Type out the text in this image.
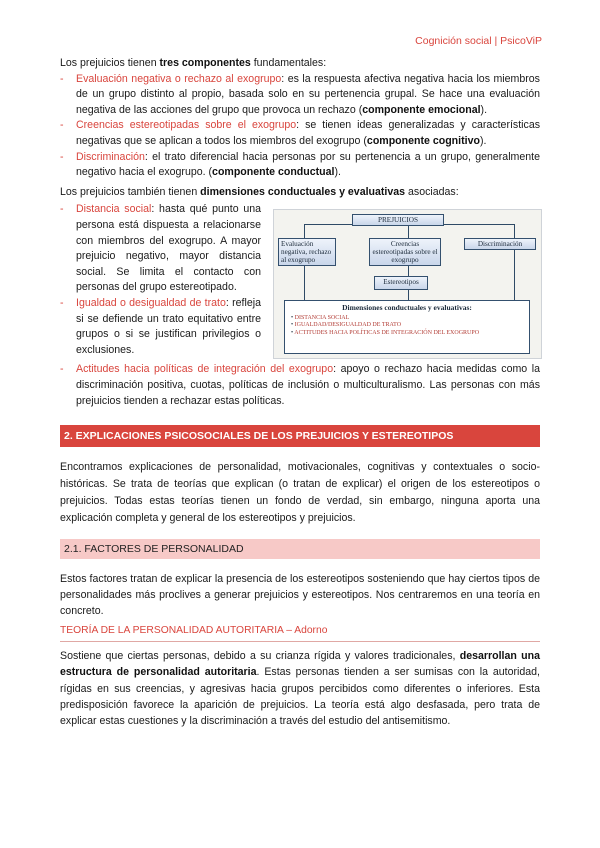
Cognición social | PsicoViP

Los prejuicios tienen tres componentes fundamentales:

- Evaluación negativa o rechazo al exogrupo: es la respuesta afectiva negativa hacia los miembros de un grupo distinto al propio, basada solo en su pertenencia grupal. Se hace una evaluación negativa de las acciones del grupo que provoca un rechazo (componente emocional).
- Creencias estereotipadas sobre el exogrupo: se tienen ideas generalizadas y características negativas que se aplican a todos los miembros del exogrupo (componente cognitivo).
- Discriminación: el trato diferencial hacia personas por su pertenencia a un grupo, generalmente negativo hacia el exogrupo. (componente conductual).

Los prejuicios también tienen dimensiones conductuales y evaluativas asociadas:

- Distancia social: hasta qué punto una persona está dispuesta a relacionarse con miembros del exogrupo. A mayor prejuicio negativo, mayor distancia social. Se limita el contacto con personas del grupo estereotipado.
- Igualdad o desigualdad de trato: refleja si se defiende un trato equitativo entre grupos o si se justifican privilegios o exclusiones.
PREJUICIOS
Evaluación negativa, rechazo al exogrupo
Creencias estereotipadas sobre el exogrupo
Discriminación
Estereotipos
Dimensiones conductuales y evaluativas:
• DISTANCIA SOCIAL
• IGUALDAD/DESIGUALDAD DE TRATO
• ACTITUDES HACIA POLÍTICAS DE INTEGRACIÓN DEL EXOGRUPO
- Actitudes hacia políticas de integración del exogrupo: apoyo o rechazo hacia medidas como la discriminación positiva, cuotas, políticas de inclusión o multiculturalismo. Las personas con más prejuicios tienden a rechazar estas políticas.
2. EXPLICACIONES PSICOSOCIALES DE LOS PREJUICIOS Y ESTEREOTIPOS

Encontramos explicaciones de personalidad, motivacionales, cognitivas y contextuales o socio-históricas. Se trata de teorías que explican (o tratan de explicar) el origen de los estereotipos o prejuicios. Todas estas teorías tienen un fondo de verdad, sin embargo, ninguna aporta una explicación completa y general de los estereotipos y prejuicios.

2.1. FACTORES DE PERSONALIDAD

Estos factores tratan de explicar la presencia de los estereotipos sosteniendo que hay ciertos tipos de personalidades más proclives a generar prejuicios y estereotipos. Nos centraremos en una teoría en concreto.

TEORÍA DE LA PERSONALIDAD AUTORITARIA – Adorno

Sostiene que ciertas personas, debido a su crianza rígida y valores tradicionales, desarrollan una estructura de personalidad autoritaria. Estas personas tienden a ser sumisas con la autoridad, rígidas en sus creencias, y agresivas hacia grupos percibidos como diferentes o inferiores. Esta predisposición favorece la aparición de prejuicios. La teoría está algo desfasada, pero trata de explicar estas cuestiones y la discriminación a través del estudio del antisemitismo.
